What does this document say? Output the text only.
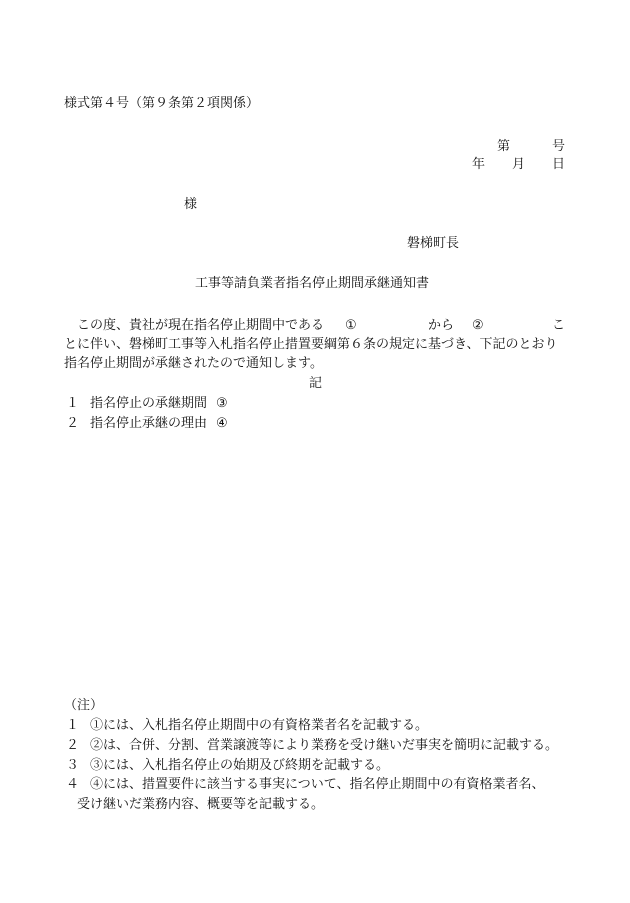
様式第４号（第９条第２項関係）
第	号
年 月 日
様
磐梯町長
工事等請負業者指名停止期間承継通知書
この度、貴社が現在指名停止期間中である ①	から ②	こ
とに伴い、磐梯町工事等入札指名停止措置要綱第６条の規定に基づき、下記のとおり
指名停止期間が承継されたので通知します。
記
１ 指名停止の承継期間 ③
２ 指名停止承継の理由 ④
（注）
１ ①には、入札指名停止期間中の有資格業者名を記載する。
２ ②は、合併、分割、営業譲渡等により業務を受け継いだ事実を簡明に記載する。
３ ③には、入札指名停止の始期及び終期を記載する。
４ ④には、措置要件に該当する事実について、指名停止期間中の有資格業者名、
受け継いだ業務内容、概要等を記載する。
